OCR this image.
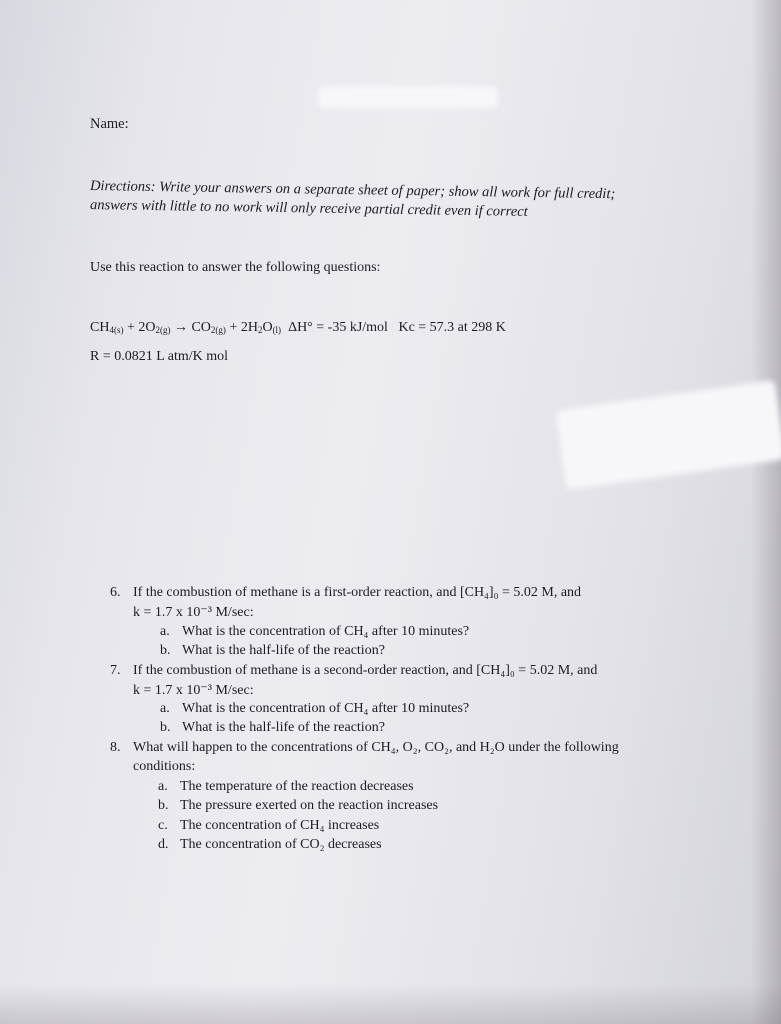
Name:
Directions: Write your answers on a separate sheet of paper; show all work for full credit;
answers with little to no work will only receive partial credit even if correct
Use this reaction to answer the following questions:
$CH_{4(s)} + 2O_{2(g)} \to CO_{2(g)} + 2H_2O_{(l)}$ ΔH° = -35 kJ/mol Kc = 57.3 at 298 K
R = 0.0821 L atm/K mol
6. If the combustion of methane is a first-order reaction, and [CH₄]₀ = 5.02 M, and
k = 1.7 x 10⁻³ M/sec:
a. What is the concentration of CH₄ after 10 minutes?
b. What is the half-life of the reaction?
7. If the combustion of methane is a second-order reaction, and [CH₄]₀ = 5.02 M, and
k = 1.7 x 10⁻³ M/sec:
a. What is the concentration of CH₄ after 10 minutes?
b. What is the half-life of the reaction?
8. What will happen to the concentrations of CH₄, O₂, CO₂, and H₂O under the following
conditions:
a. The temperature of the reaction decreases
b. The pressure exerted on the reaction increases
c. The concentration of CH₄ increases
d. The concentration of CO₂ decreases
